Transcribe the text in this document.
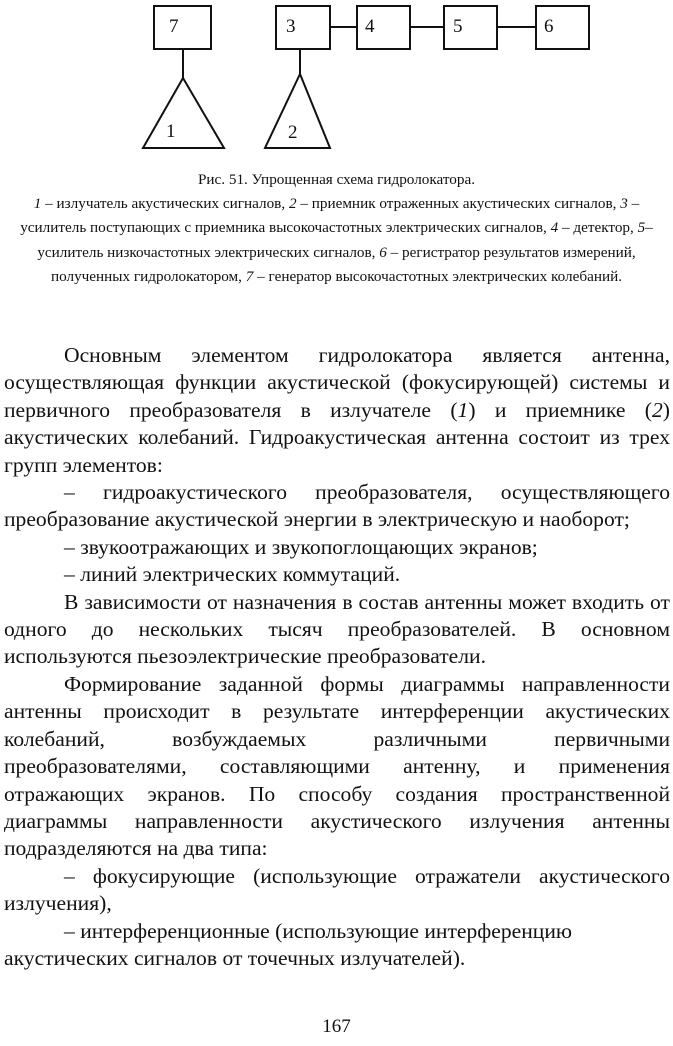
7	3	4	5	6
1	2
Рис. 51. Упрощенная схема гидролокатора.
1 – излучатель акустических сигналов, 2 – приемник отраженных акустических сигналов, 3 – усилитель поступающих с приемника высокочастотных электрических сигналов, 4 – детектор, 5– усилитель низкочастотных электрических сигналов, 6 – регистратор результатов измерений, полученных гидролокатором, 7 – генератор высокочастотных электрических колебаний.

Основным элементом гидролокатора является антенна, осуществляющая функции акустической (фокусирующей) системы и первичного преобразователя в излучателе (1) и приемнике (2) акустических колебаний. Гидроакустическая антенна состоит из трех групп элементов:

– гидроакустического преобразователя, осуществляющего преобразование акустической энергии в электрическую и наоборот;

– звукоотражающих и звукопоглощающих экранов;

– линий электрических коммутаций.

В зависимости от назначения в состав антенны может входить от одного до нескольких тысяч преобразователей. В основном используются пьезоэлектрические преобразователи.

Формирование заданной формы диаграммы направленности антенны происходит в результате интерференции акустических колебаний, возбуждаемых различными первичными преобразователями, составляющими антенну, и применения отражающих экранов. По способу создания пространственной диаграммы направленности акустического излучения антенны подразделяются на два типа:

– фокусирующие (использующие отражатели акустического излучения),

– интерференционные (использующие интерференцию акустических сигналов от точечных излучателей).

167
